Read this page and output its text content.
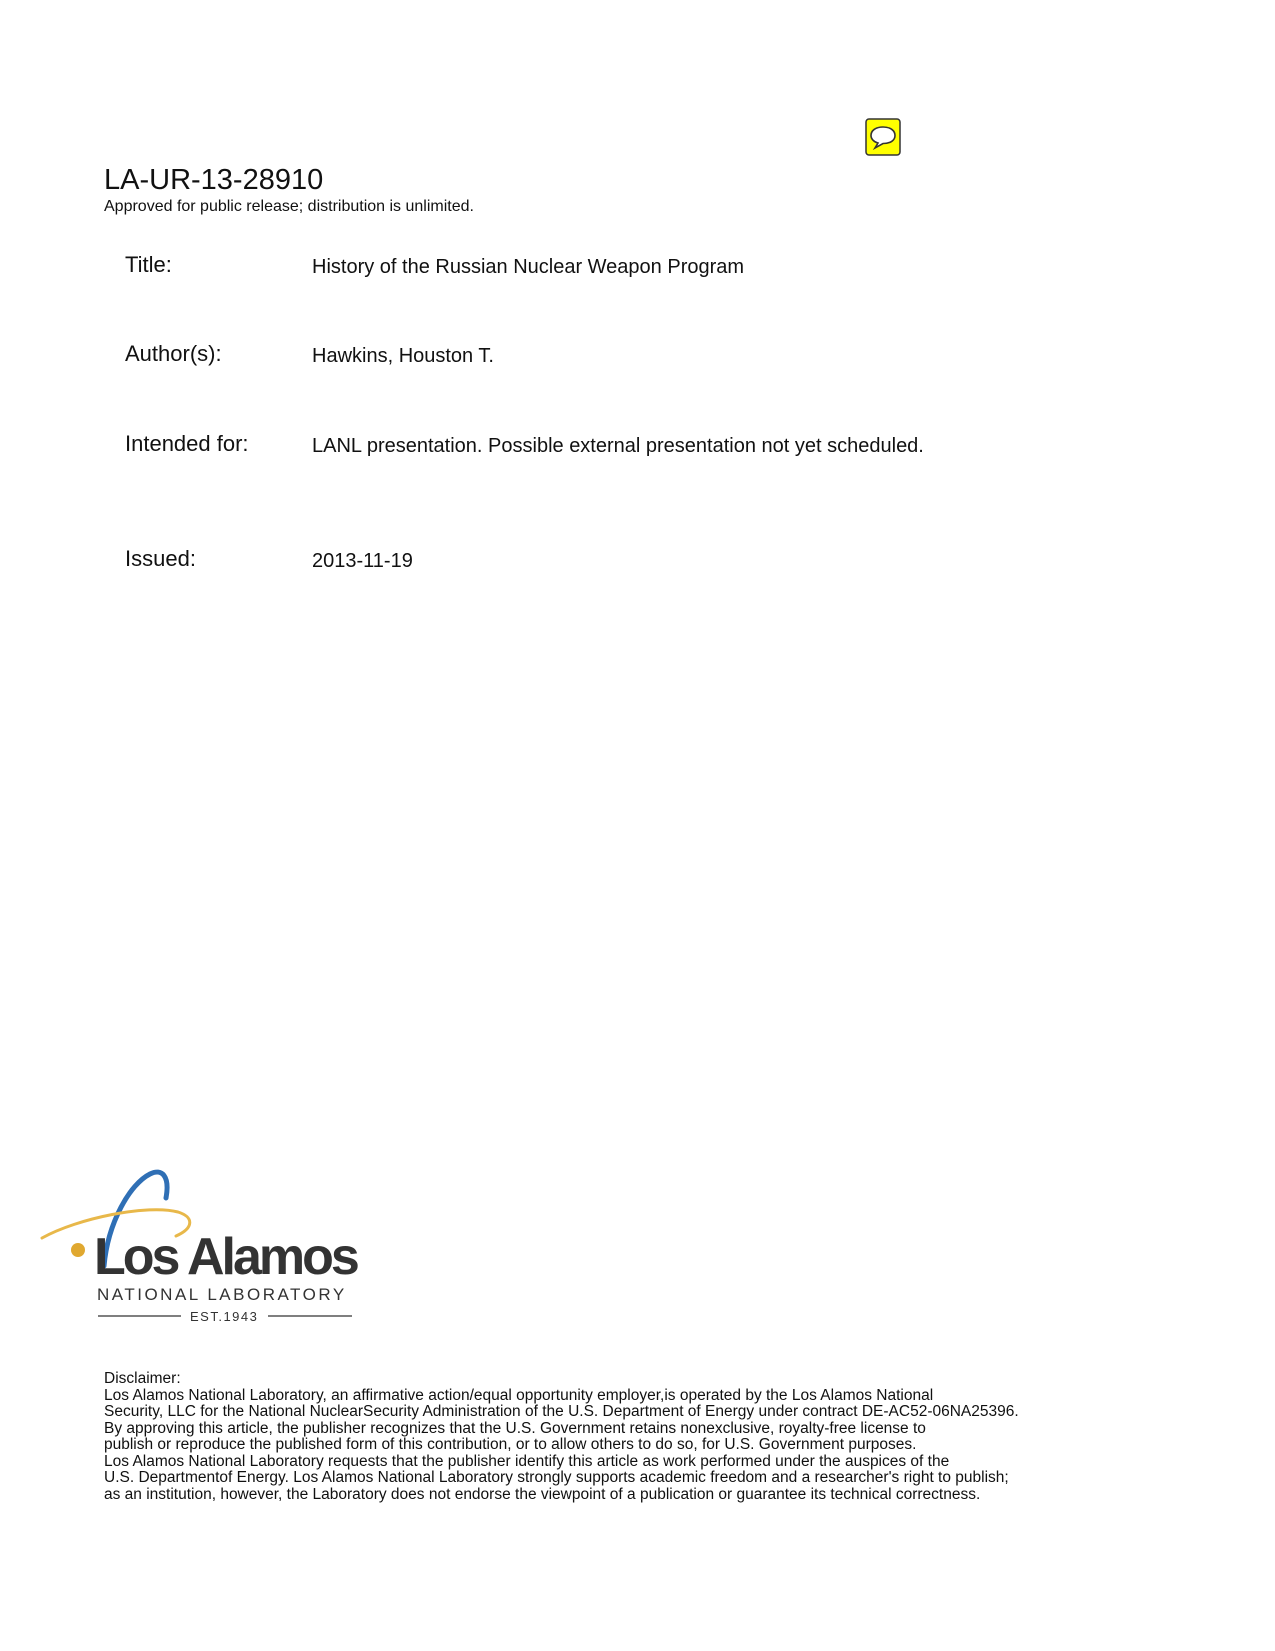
LA-UR-13-28910
Approved for public release; distribution is unlimited.
Title:	History of the Russian Nuclear Weapon Program
Author(s):	Hawkins, Houston T.
Intended for:	LANL presentation. Possible external presentation not yet scheduled.
Issued:	2013-11-19
Los Alamos
NATIONAL LABORATORY
EST.1943
Disclaimer:
Los Alamos National Laboratory, an affirmative action/equal opportunity employer,is operated by the Los Alamos National
Security, LLC for the National NuclearSecurity Administration of the U.S. Department of Energy under contract DE-AC52-06NA25396.
By approving this article, the publisher recognizes that the U.S. Government retains nonexclusive, royalty-free license to
publish or reproduce the published form of this contribution, or to allow others to do so, for U.S. Government purposes.
Los Alamos National Laboratory requests that the publisher identify this article as work performed under the auspices of the
U.S. Departmentof Energy. Los Alamos National Laboratory strongly supports academic freedom and a researcher's right to publish;
as an institution, however, the Laboratory does not endorse the viewpoint of a publication or guarantee its technical correctness.
